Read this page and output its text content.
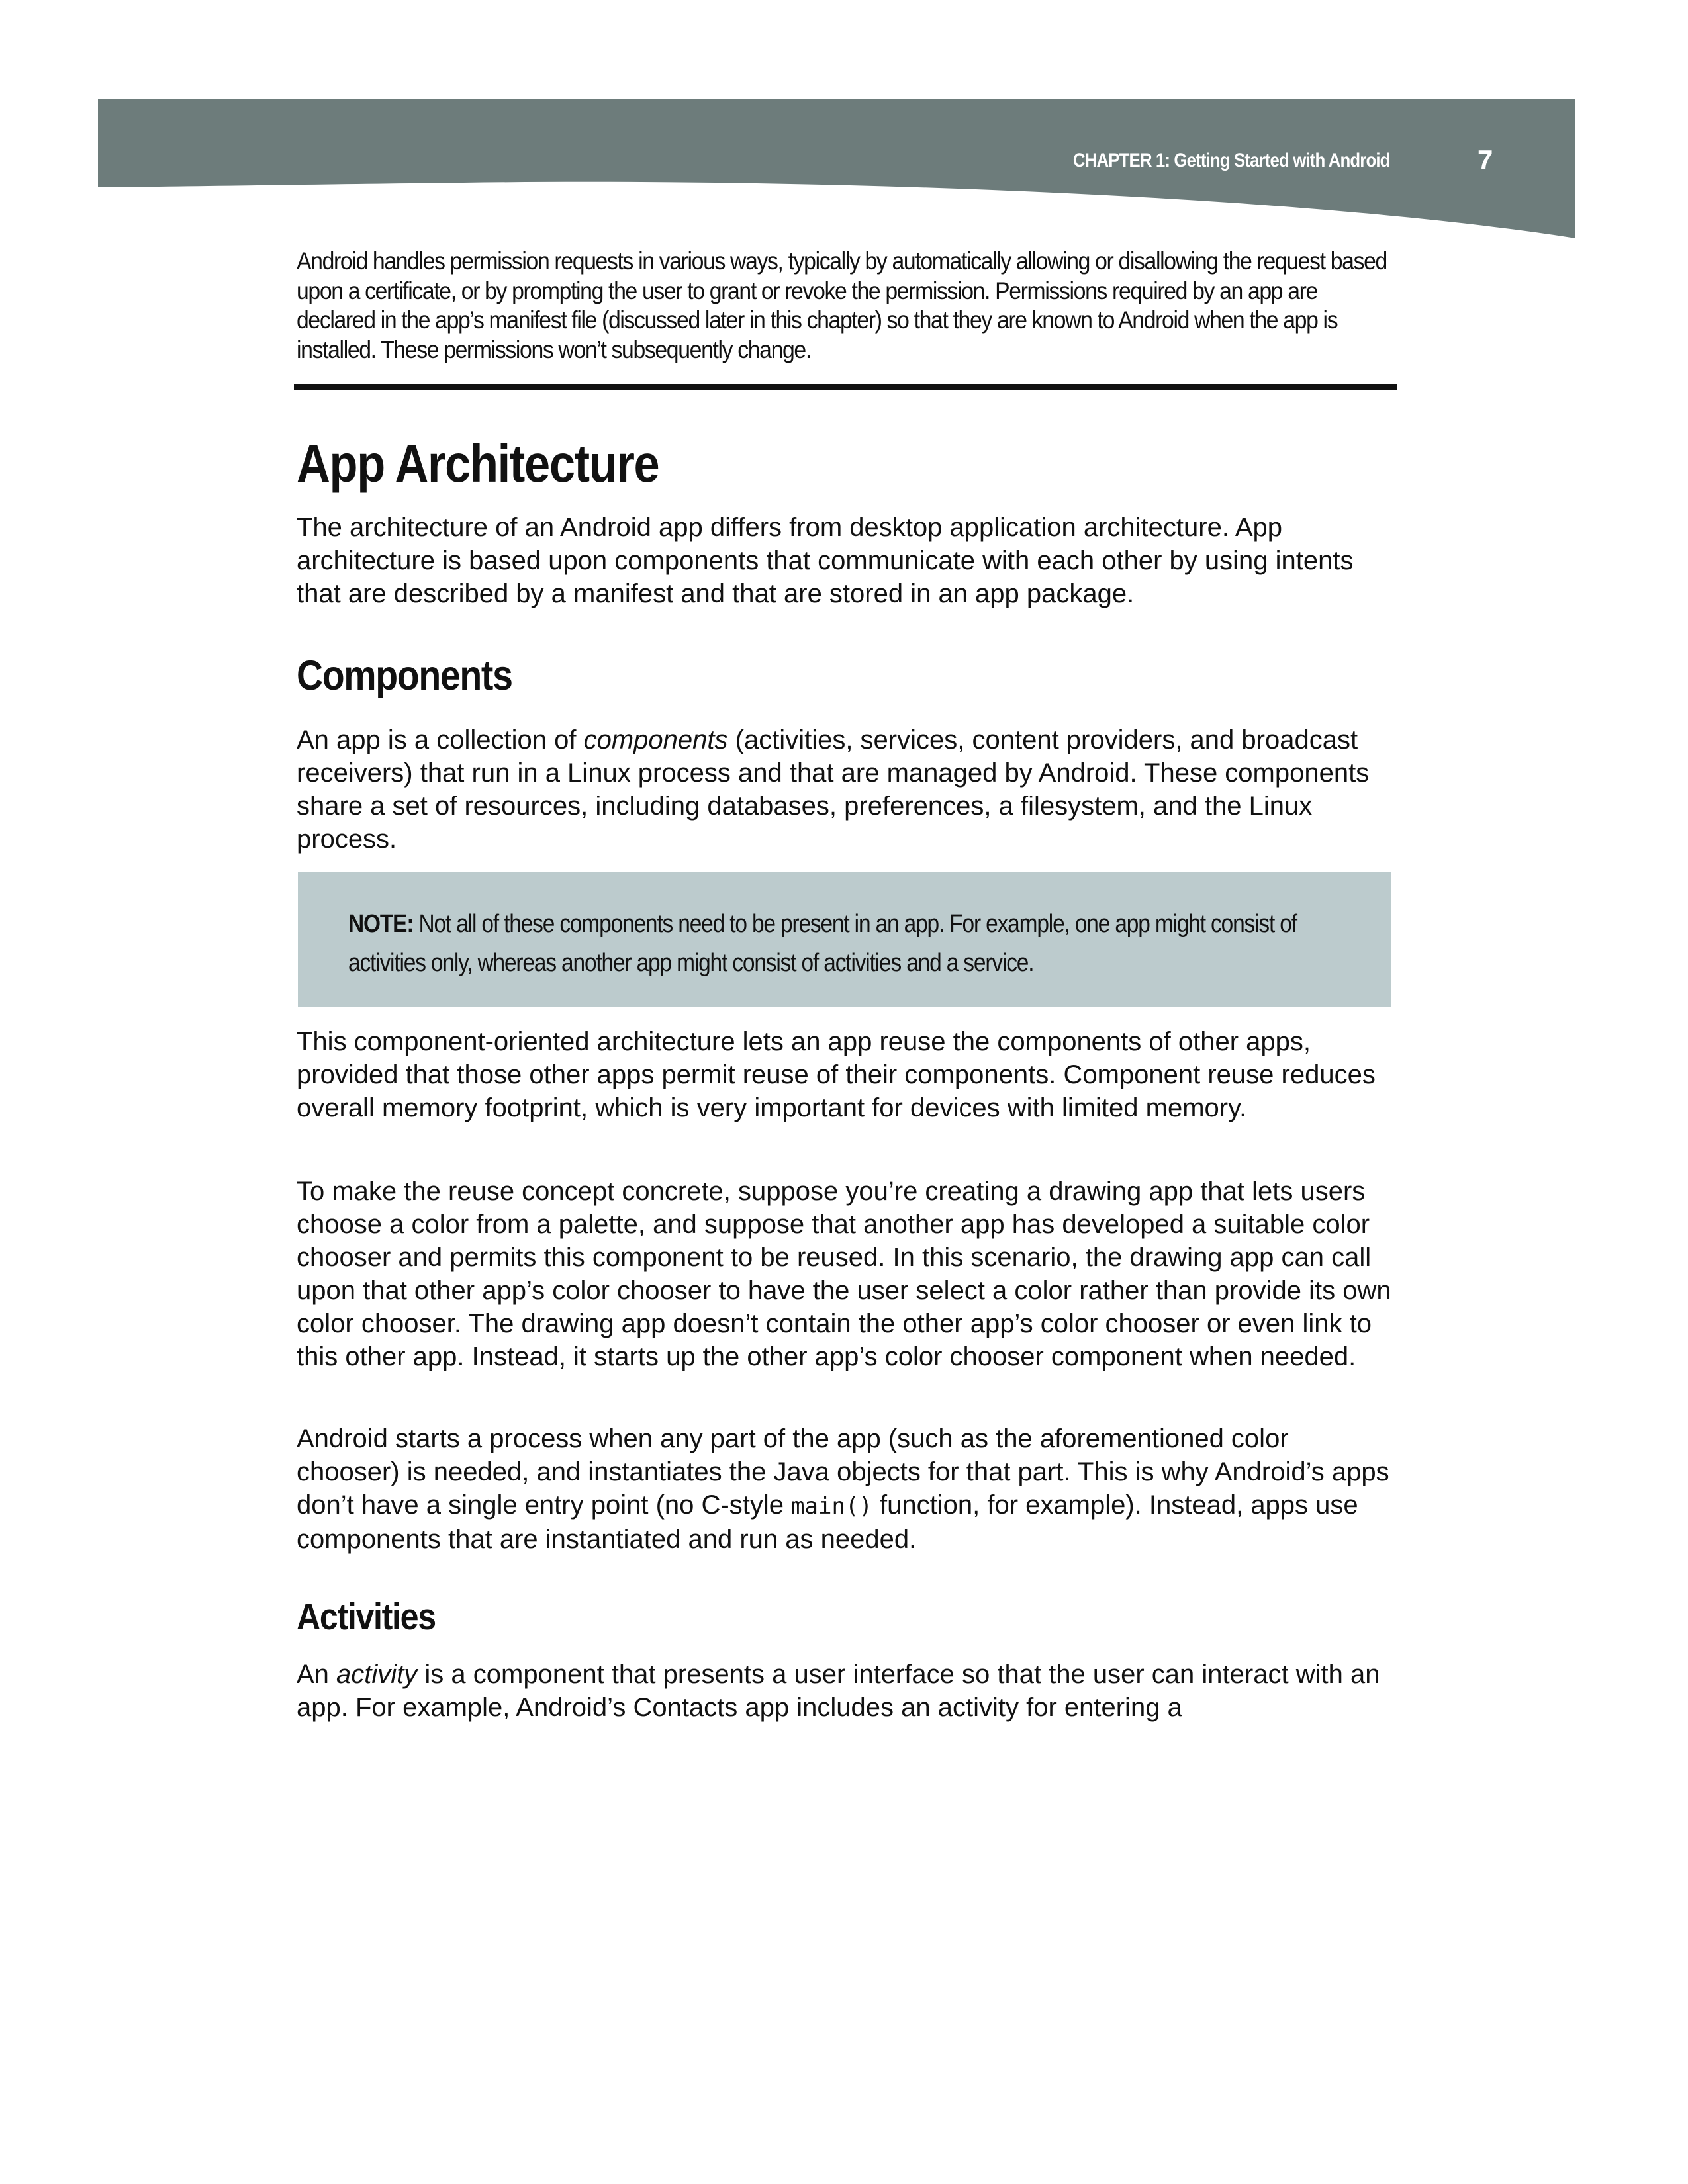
CHAPTER 1: Getting Started with Android	7
Android handles permission requests in various ways, typically by automatically allowing or disallowing the request based upon a certificate, or by prompting the user to grant or revoke the permission. Permissions required by an app are declared in the app’s manifest file (discussed later in this chapter) so that they are known to Android when the app is installed. These permissions won’t subsequently change.
App Architecture

The architecture of an Android app differs from desktop application architecture. App architecture is based upon components that communicate with each other by using intents that are described by a manifest and that are stored in an app package.

Components

An app is a collection of components (activities, services, content providers, and broadcast receivers) that run in a Linux process and that are managed by Android. These components share a set of resources, including databases, preferences, a filesystem, and the Linux process.

NOTE: Not all of these components need to be present in an app. For example, one app might consist of activities only, whereas another app might consist of activities and a service.

This component-oriented architecture lets an app reuse the components of other apps, provided that those other apps permit reuse of their components. Component reuse reduces overall memory footprint, which is very important for devices with limited memory.

To make the reuse concept concrete, suppose you’re creating a drawing app that lets users choose a color from a palette, and suppose that another app has developed a suitable color chooser and permits this component to be reused. In this scenario, the drawing app can call upon that other app’s color chooser to have the user select a color rather than provide its own color chooser. The drawing app doesn’t contain the other app’s color chooser or even link to this other app. Instead, it starts up the other app’s color chooser component when needed.

Android starts a process when any part of the app (such as the aforementioned color chooser) is needed, and instantiates the Java objects for that part. This is why Android’s apps don’t have a single entry point (no C-style main() function, for example). Instead, apps use components that are instantiated and run as needed.

Activities

An activity is a component that presents a user interface so that the user can interact with an app. For example, Android’s Contacts app includes an activity for entering a
